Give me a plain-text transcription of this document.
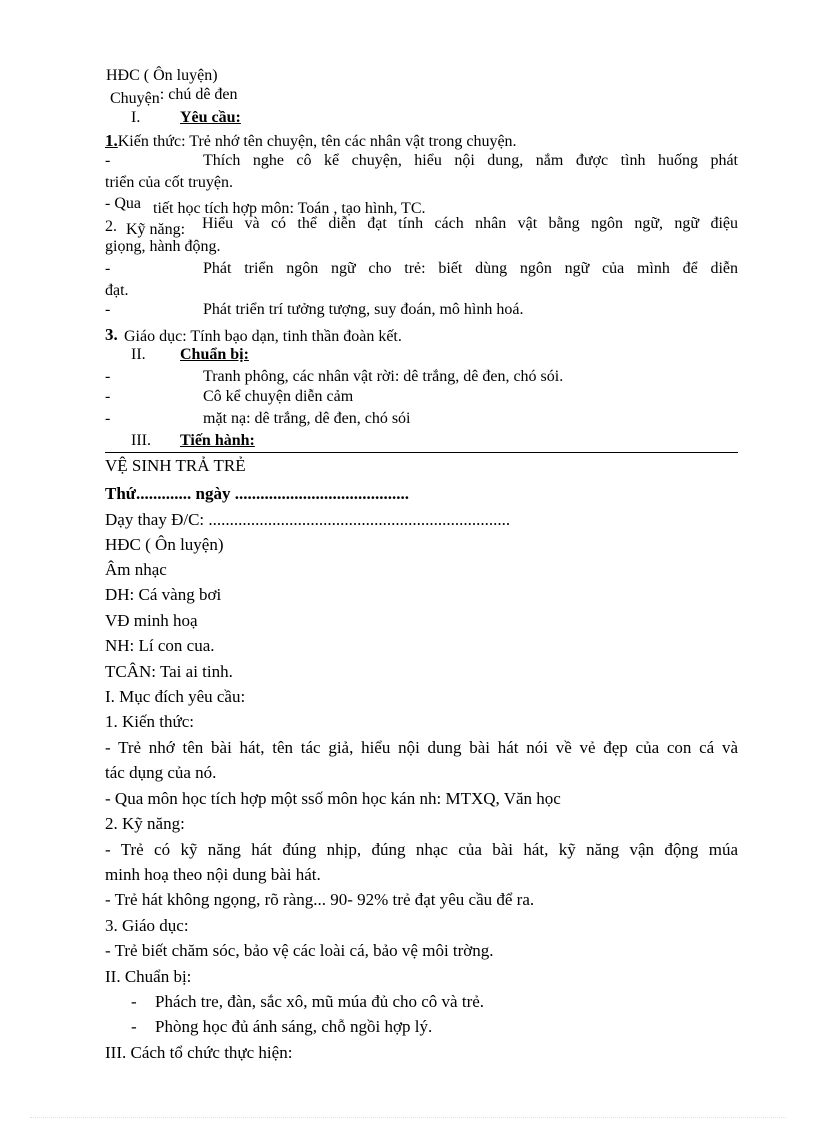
HĐC ( Ôn luyện)
Chuyện: chú dê đen
I. Yêu cầu:
1.Kiến thức: Trẻ nhớ tên chuyện, tên các nhân vật trong chuyện.
-	Thích nghe cô kể chuyện, hiểu nội dung, nắm được tình huống phát
triển của cốt truyện.
- Qua tiết học tích hợp môn: Toán , tạo hình, TC.
2. Kỹ năng: Hiểu và có thể diễn đạt tính cách nhân vật bằng ngôn ngữ, ngữ điệu
giọng, hành động.
-	Phát triển ngôn ngữ cho trẻ: biết dùng ngôn ngữ của mình để diễn
đạt.
-	Phát triển trí tưởng tượng, suy đoán, mô hình hoá.
3. Giáo dục: Tính bạo dạn, tinh thần đoàn kết.
II. Chuẩn bị:
-	Tranh phông, các nhân vật rời: dê trắng, dê đen, chó sói.
-	Cô kể chuyện diễn cảm
-	mặt nạ: dê trắng, dê đen, chó sói
III. Tiến hành:
VỆ SINH TRẢ TRẺ
Thứ............. ngày .........................................
Dạy thay Đ/C: .......................................................................
HĐC ( Ôn luyện)
Âm nhạc
DH: Cá vàng bơi
VĐ minh hoạ
NH: Lí con cua.
TCÂN: Tai ai tinh.
I. Mục đích yêu cầu:
1. Kiến thức:
- Trẻ nhớ tên bài hát, tên tác giả, hiểu nội dung bài hát nói về vẻ đẹp của con cá và
tác dụng của nó.
- Qua môn học tích hợp một ssố môn học kán nh: MTXQ, Văn học
2. Kỹ năng:
- Trẻ có kỹ năng hát đúng nhịp, đúng nhạc của bài hát, kỹ năng vận động múa
minh hoạ theo nội dung bài hát.
- Trẻ hát không ngọng, rõ ràng... 90- 92% trẻ đạt yêu cầu để ra.
3. Giáo dục:
- Trẻ biết chăm sóc, bảo vệ các loài cá, bảo vệ môi trờng.
II. Chuẩn bị:
- Phách tre, đàn, sắc xô, mũ múa đủ cho cô và trẻ.
- Phòng học đủ ánh sáng, chỗ ngồi hợp lý.
III. Cách tổ chức thực hiện:
